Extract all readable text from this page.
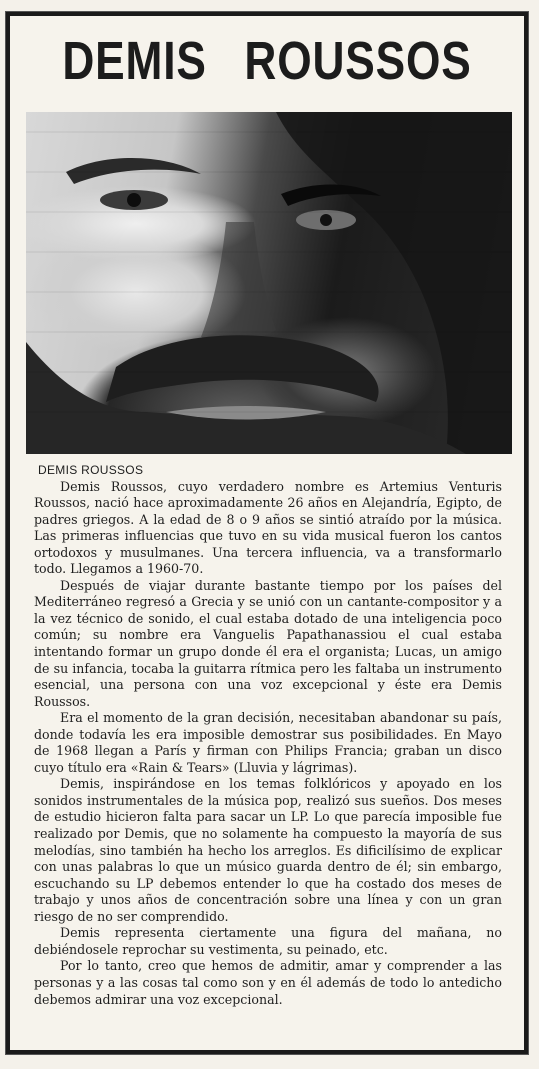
DEMIS ROUSSOS
DEMIS ROUSSOS

Demis Roussos, cuyo verdadero nombre es Artemius Venturis Roussos, nació hace aproximadamente 26 años en Alejandría, Egipto, de padres griegos. A la edad de 8 o 9 años se sintió atraído por la música. Las primeras influencias que tuvo en su vida musical fueron los cantos ortodoxos y musulmanes. Una tercera influencia, va a transformarlo todo. Llegamos a 1960-70.

Después de viajar durante bastante tiempo por los países del Mediterráneo regresó a Grecia y se unió con un cantante-compositor y a la vez técnico de sonido, el cual estaba dotado de una inteligencia poco común; su nombre era Vanguelis Papathanassiou el cual estaba intentando formar un grupo donde él era el organista; Lucas, un amigo de su infancia, tocaba la guitarra rítmica pero les faltaba un instrumento esencial, una persona con una voz excepcional y éste era Demis Roussos.

Era el momento de la gran decisión, necesitaban abandonar su país, donde todavía les era imposible demostrar sus posibilidades. En Mayo de 1968 llegan a París y firman con Philips Francia; graban un disco cuyo título era «Rain & Tears» (Lluvia y lágrimas).

Demis, inspirándose en los temas folklóricos y apoyado en los sonidos instrumentales de la música pop, realizó sus sueños. Dos meses de estudio hicieron falta para sacar un LP. Lo que parecía imposible fue realizado por Demis, que no solamente ha compuesto la mayoría de sus melodías, sino también ha hecho los arreglos. Es dificilísimo de explicar con unas palabras lo que un músico guarda dentro de él; sin embargo, escuchando su LP debemos entender lo que ha costado dos meses de trabajo y unos años de concentración sobre una línea y con un gran riesgo de no ser comprendido.

Demis representa ciertamente una figura del mañana, no debiéndosele reprochar su vestimenta, su peinado, etc.

Por lo tanto, creo que hemos de admitir, amar y comprender a las personas y a las cosas tal como son y en él además de todo lo antedicho debemos admirar una voz excepcional.
